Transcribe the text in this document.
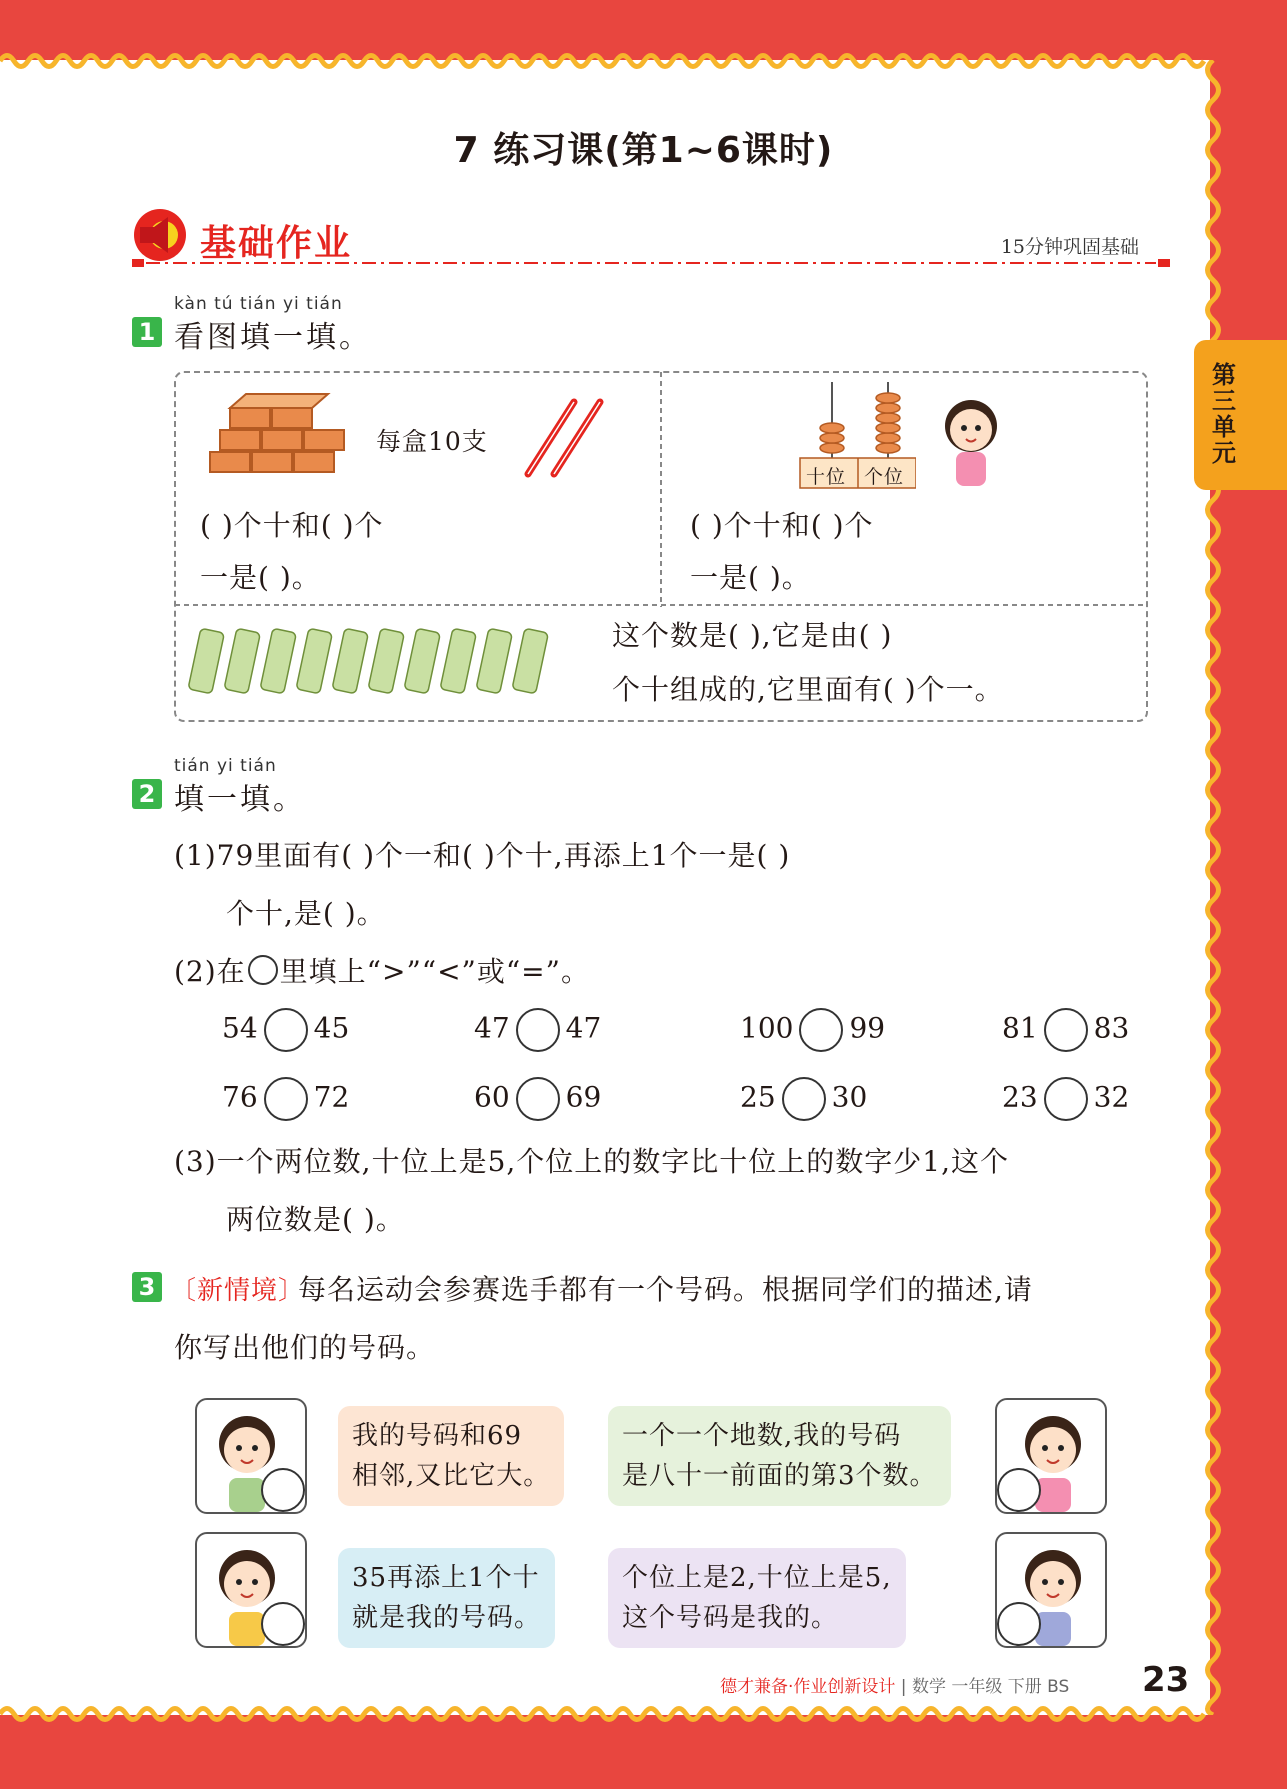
7 练习课(第1~6课时)
基础作业	15分钟巩固基础
第三单元
kàn tú tián yi tián
1 看图填一填。
每盒10支
( )个十和( )个
一是( )。
十位 个位
( )个十和( )个
一是( )。
这个数是( ),它是由( )
个十组成的,它里面有( )个一。
tián yi tián
2 填一填。
(1)79里面有( )个一和( )个十,再添上1个一是( )
个十,是( )。
(2)在 里填上“>”“<”或“=”。
54 45	47 47	100 99	81 83
76 72	60 69	25 30	23 32
(3)一个两位数,十位上是5,个位上的数字比十位上的数字少1,这个
两位数是( )。
3 〔新情境〕
每名运动会参赛选手都有一个号码。根据同学们的描述,请
你写出他们的号码。
我的号码和69
相邻,又比它大。
一个一个地数,我的号码
是八十一前面的第3个数。
35再添上1个十
就是我的号码。
个位上是2,十位上是5,
这个号码是我的。
德才兼备·作业创新设计 | 数学 一年级 下册 BS 23
